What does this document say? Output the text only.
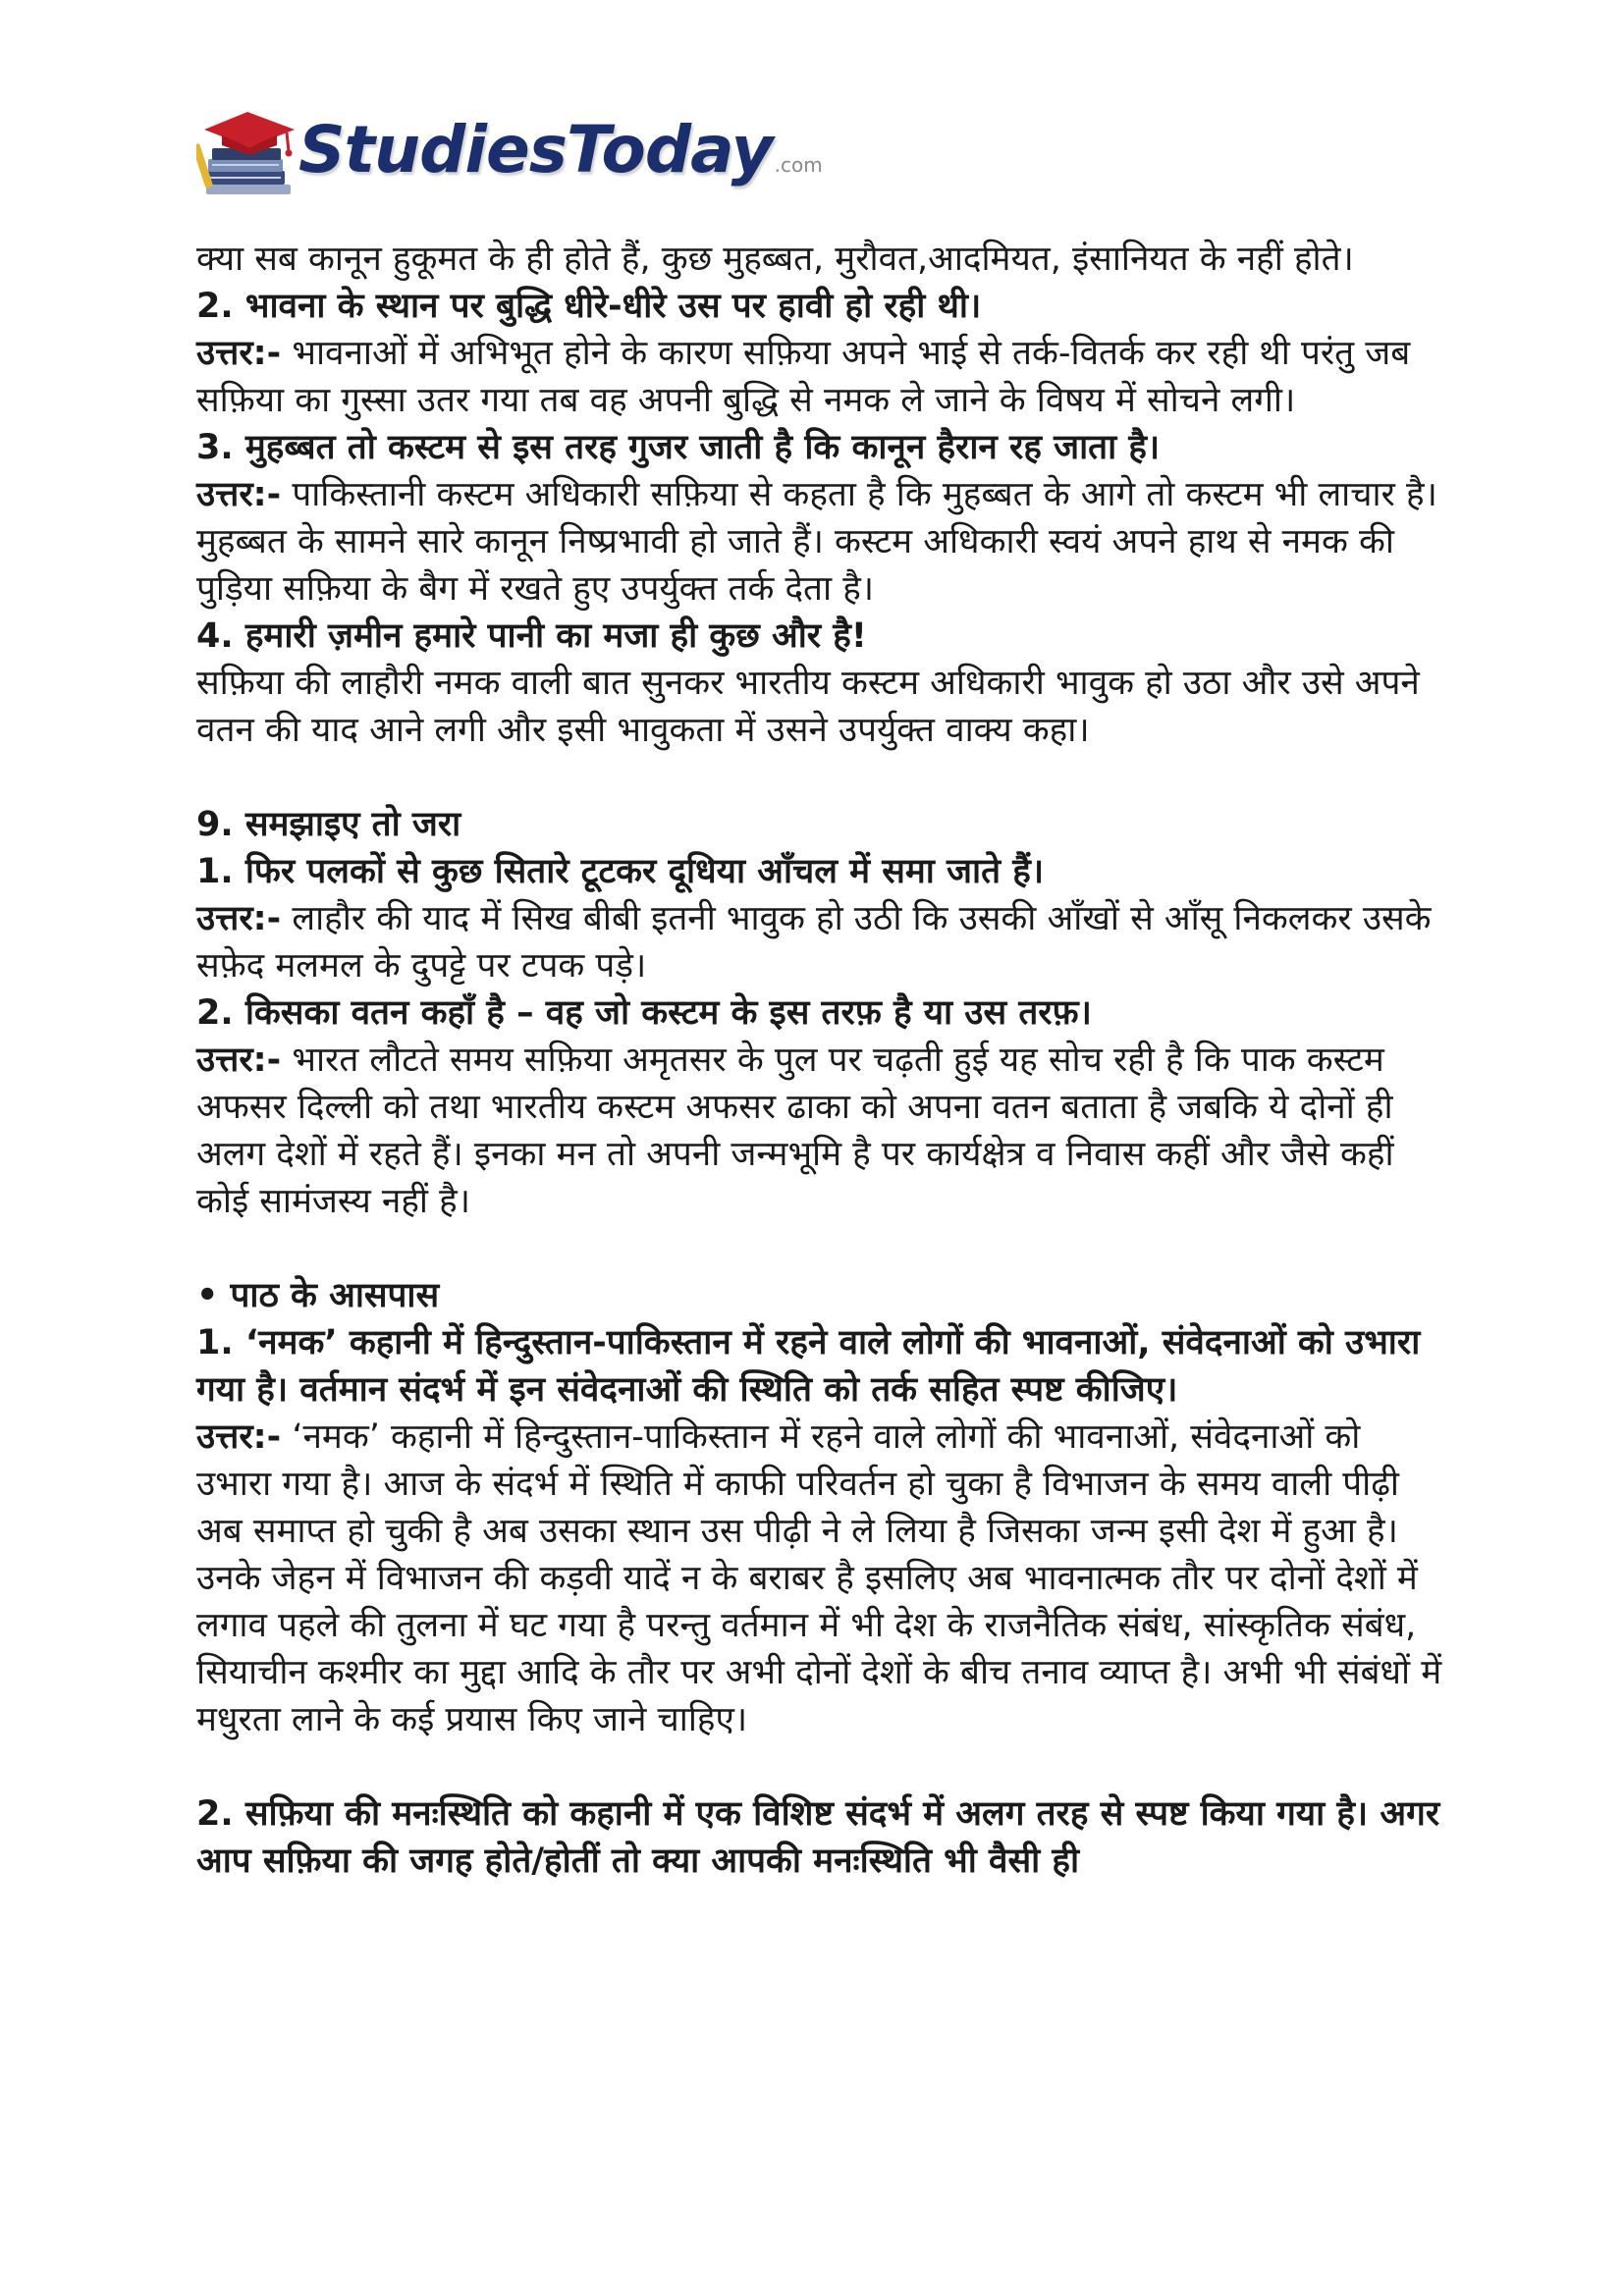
StudiesToday .com

क्या सब कानून हुकूमत के ही होते हैं, कुछ मुहब्बत, मुरौवत,आदमियत, इंसानियत के नहीं होते।

2. भावना के स्थान पर बुद्धि धीरे-धीरे उस पर हावी हो रही थी।

उत्तर:- भावनाओं में अभिभूत होने के कारण सफ़िया अपने भाई से तर्क-वितर्क कर रही थी परंतु जब सफ़िया का गुस्सा उतर गया तब वह अपनी बुद्धि से नमक ले जाने के विषय में सोचने लगी।

3. मुहब्बत तो कस्टम से इस तरह गुजर जाती है कि कानून हैरान रह जाता है।

उत्तर:- पाकिस्तानी कस्टम अधिकारी सफ़िया से कहता है कि मुहब्बत के आगे तो कस्टम भी लाचार है। मुहब्बत के सामने सारे कानून निष्प्रभावी हो जाते हैं। कस्टम अधिकारी स्वयं अपने हाथ से नमक की पुड़िया सफ़िया के बैग में रखते हुए उपर्युक्त तर्क देता है।

4. हमारी ज़मीन हमारे पानी का मजा ही कुछ और है!

सफ़िया की लाहौरी नमक वाली बात सुनकर भारतीय कस्टम अधिकारी भावुक हो उठा और उसे अपने वतन की याद आने लगी और इसी भावुकता में उसने उपर्युक्त वाक्य कहा।

9. समझाइए तो जरा

1. फिर पलकों से कुछ सितारे टूटकर दूधिया आँचल में समा जाते हैं।

उत्तर:- लाहौर की याद में सिख बीबी इतनी भावुक हो उठी कि उसकी आँखों से आँसू निकलकर उसके सफ़ेद मलमल के दुपट्टे पर टपक पड़े।

2. किसका वतन कहाँ है – वह जो कस्टम के इस तरफ़ है या उस तरफ़।

उत्तर:- भारत लौटते समय सफ़िया अमृतसर के पुल पर चढ़ती हुई यह सोच रही है कि पाक कस्टम अफसर दिल्ली को तथा भारतीय कस्टम अफसर ढाका को अपना वतन बताता है जबकि ये दोनों ही अलग देशों में रहते हैं। इनका मन तो अपनी जन्मभूमि है पर कार्यक्षेत्र व निवास कहीं और जैसे कहीं कोई सामंजस्य नहीं है।

• पाठ के आसपास

1. ‘नमक’ कहानी में हिन्दुस्तान-पाकिस्तान में रहने वाले लोगों की भावनाओं, संवेदनाओं को उभारा गया है। वर्तमान संदर्भ में इन संवेदनाओं की स्थिति को तर्क सहित स्पष्ट कीजिए।

उत्तर:- ‘नमक’ कहानी में हिन्दुस्तान-पाकिस्तान में रहने वाले लोगों की भावनाओं, संवेदनाओं को उभारा गया है। आज के संदर्भ में स्थिति में काफी परिवर्तन हो चुका है विभाजन के समय वाली पीढ़ी अब समाप्त हो चुकी है अब उसका स्थान उस पीढ़ी ने ले लिया है जिसका जन्म इसी देश में हुआ है। उनके जेहन में विभाजन की कड़वी यादें न के बराबर है इसलिए अब भावनात्मक तौर पर दोनों देशों में लगाव पहले की तुलना में घट गया है परन्तु वर्तमान में भी देश के राजनैतिक संबंध, सांस्कृतिक संबंध, सियाचीन कश्मीर का मुद्दा आदि के तौर पर अभी दोनों देशों के बीच तनाव व्याप्त है। अभी भी संबंधों में मधुरता लाने के कई प्रयास किए जाने चाहिए।

2. सफ़िया की मनःस्थिति को कहानी में एक विशिष्ट संदर्भ में अलग तरह से स्पष्ट किया गया है। अगर आप सफ़िया की जगह होते/होतीं तो क्या आपकी मनःस्थिति भी वैसी ही
